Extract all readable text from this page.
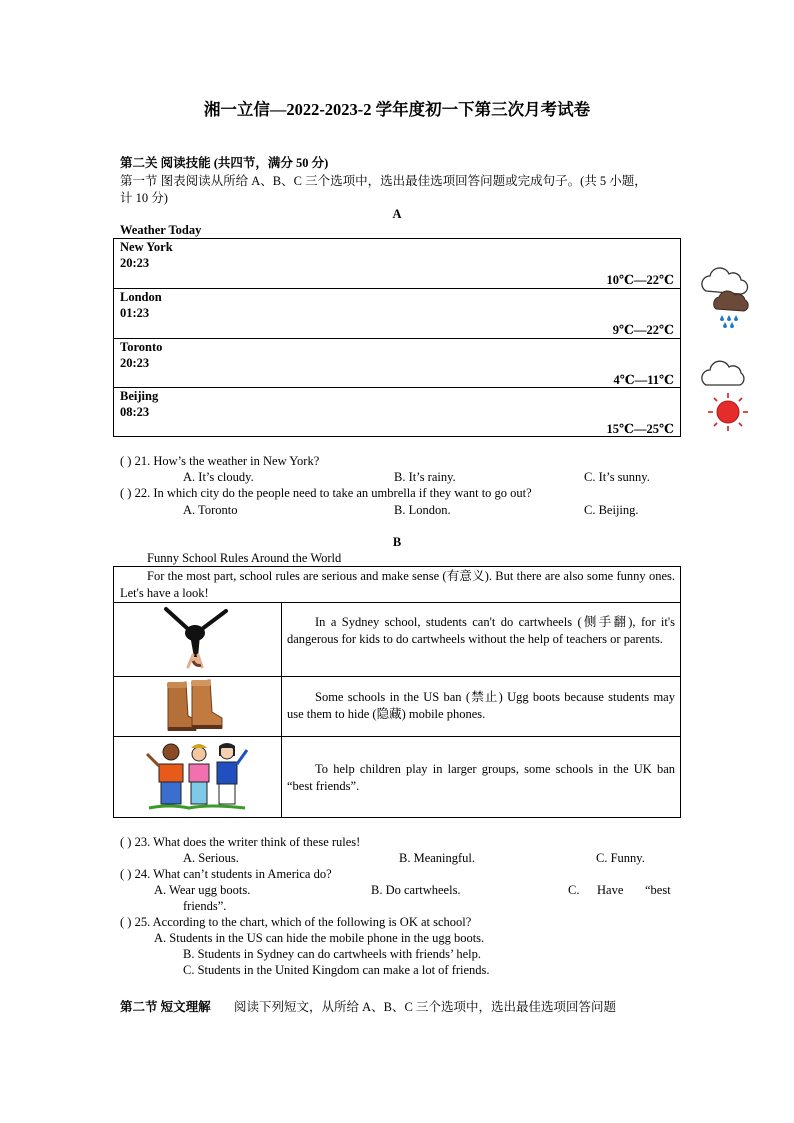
湘一立信—2022-2023-2 学年度初一下第三次月考试卷
第二关 阅读技能 (共四节，满分 50 分)
第一节 图表阅读从所给 A、B、C 三个选项中，选出最佳选项回答问题或完成句子。(共 5 小题，
计 10 分)
A
Weather Today
New York
20:23
10℃—22℃
London
01:23
9℃—22℃
Toronto
20:23
4℃—11℃
Beijing
08:23
15℃—25℃
( ) 21. How’s the weather in New York?
A. It’s cloudy.	B. It’s rainy.	C. It’s sunny.
( ) 22. In which city do the people need to take an umbrella if they want to go out?
A. Toronto	B. London.	C. Beijing.
B
Funny School Rules Around the World
For the most part, school rules are serious and make sense (有意义). But there are also some funny ones. Let's have a look!
In a Sydney school, students can't do cartwheels (侧手翻), for it's dangerous for kids to do cartwheels without the help of teachers or parents.
Some schools in the US ban (禁止) Ugg boots because students may use them to hide (隐藏) mobile phones.
To help children play in larger groups, some schools in the UK ban “best friends”.
( ) 23. What does the writer think of these rules!
A. Serious.	B. Meaningful.	C. Funny.
( ) 24. What can’t students in America do?
A. Wear ugg boots.	B. Do cartwheels.	C. Have “best
friends”.
( ) 25. According to the chart, which of the following is OK at school?
A. Students in the US can hide the mobile phone in the ugg boots.
B. Students in Sydney can do cartwheels with friends’ help.
C. Students in the United Kingdom can make a lot of friends.
第二节 短文理解 阅读下列短文，从所给 A、B、C 三个选项中，选出最佳选项回答问题
